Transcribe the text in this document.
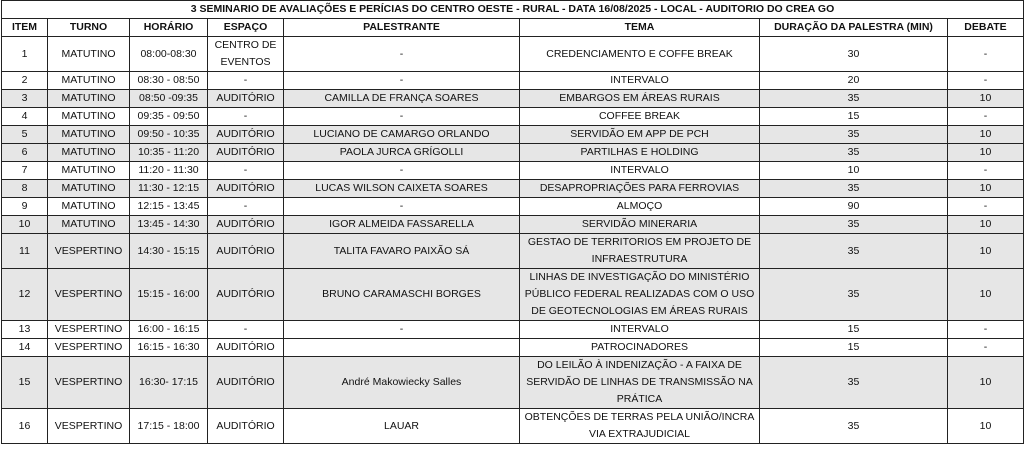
3 SEMINARIO DE AVALIAÇÕES E PERÍCIAS DO CENTRO OESTE - RURAL - DATA 16/08/2025 - LOCAL - AUDITORIO DO CREA GO							
ITEM	TURNO	HORÁRIO	ESPAÇO	PALESTRANTE	TEMA	DURAÇÃO DA PALESTRA (MIN)	DEBATE
1	MATUTINO	08:00-08:30	CENTRO DE EVENTOS	-	CREDENCIAMENTO E COFFE BREAK	30	-
2	MATUTINO	08:30 - 08:50	-	-	INTERVALO	20	-
3	MATUTINO	08:50 -09:35	AUDITÓRIO	CAMILLA DE FRANÇA SOARES	EMBARGOS EM ÁREAS RURAIS	35	10
4	MATUTINO	09:35 - 09:50	-	-	COFFEE BREAK	15	-
5	MATUTINO	09:50 - 10:35	AUDITÓRIO	LUCIANO DE CAMARGO ORLANDO	SERVIDÃO EM APP DE PCH	35	10
6	MATUTINO	10:35 - 11:20	AUDITÓRIO	PAOLA JURCA GRÍGOLLI	PARTILHAS E HOLDING	35	10
7	MATUTINO	11:20 - 11:30	-	-	INTERVALO	10	-
8	MATUTINO	11:30 - 12:15	AUDITÓRIO	LUCAS WILSON CAIXETA SOARES	DESAPROPRIAÇÕES PARA FERROVIAS	35	10
9	MATUTINO	12:15 - 13:45	-	-	ALMOÇO	90	-
10	MATUTINO	13:45 - 14:30	AUDITÓRIO	IGOR ALMEIDA FASSARELLA	SERVIDÃO MINERARIA	35	10
11	VESPERTINO	14:30 - 15:15	AUDITÓRIO	TALITA FAVARO PAIXÃO SÁ	GESTAO DE TERRITORIOS EM PROJETO DE INFRAESTRUTURA	35	10
12	VESPERTINO	15:15 - 16:00	AUDITÓRIO	BRUNO CARAMASCHI BORGES	LINHAS DE INVESTIGAÇÃO DO MINISTÉRIO PÚBLICO FEDERAL REALIZADAS COM O USO DE GEOTECNOLOGIAS EM ÁREAS RURAIS	35	10
13	VESPERTINO	16:00 - 16:15	-	-	INTERVALO	15	-
14	VESPERTINO	16:15 - 16:30	AUDITÓRIO		PATROCINADORES	15	-
15	VESPERTINO	16:30- 17:15	AUDITÓRIO	André Makowiecky Salles	DO LEILÃO À INDENIZAÇÃO - A FAIXA DE SERVIDÃO DE LINHAS DE TRANSMISSÃO NA PRÁTICA	35	10
16	VESPERTINO	17:15 - 18:00	AUDITÓRIO	LAUAR	OBTENÇÕES DE TERRAS PELA UNIÃO/INCRA VIA EXTRAJUDICIAL	35	10
